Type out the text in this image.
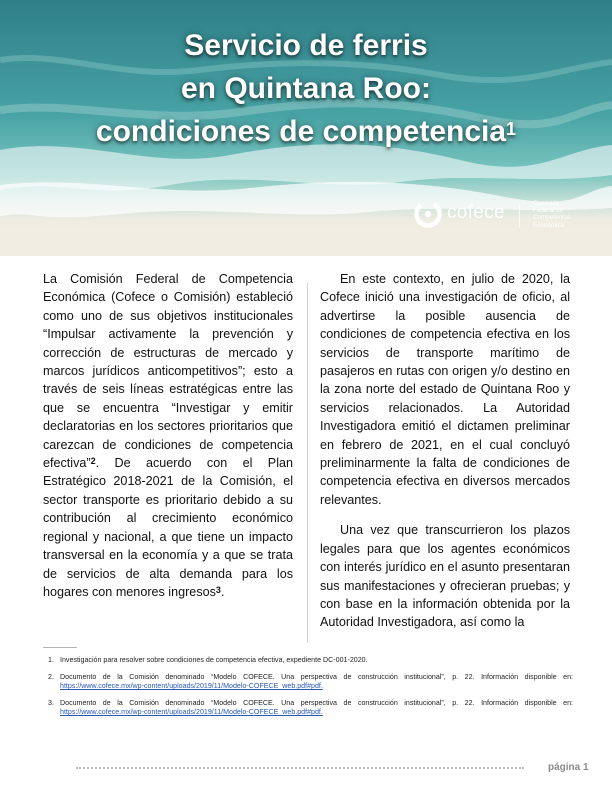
Servicio de ferris
en Quintana Roo:
condiciones de competencia$^1$
cofece	Comisión
Federal de
Competencia
Económica

La Comisión Federal de Competencia Económica (Cofece o Comisión) estableció como uno de sus objetivos institucionales “Impulsar activamente la prevención y corrección de estructuras de mercado y marcos jurídicos anticompetitivos”; esto a través de seis líneas estratégicas entre las que se encuentra “Investigar y emitir declaratorias en los sectores prioritarios que carezcan de condiciones de competencia efectiva”$^2$. De acuerdo con el Plan Estratégico 2018-2021 de la Comisión, el sector transporte es prioritario debido a su contribución al crecimiento económico regional y nacional, a que tiene un impacto transversal en la economía y a que se trata de servicios de alta demanda para los hogares con menores ingresos$^3$.

En este contexto, en julio de 2020, la Cofece inició una investigación de oficio, al advertirse la posible ausencia de condiciones de competencia efectiva en los servicios de transporte marítimo de pasajeros en rutas con origen y/o destino en la zona norte del estado de Quintana Roo y servicios relacionados. La Autoridad Investigadora emitió el dictamen preliminar en febrero de 2021, en el cual concluyó preliminarmente la falta de condiciones de competencia efectiva en diversos mercados relevantes.

Una vez que transcurrieron los plazos legales para que los agentes económicos con interés jurídico en el asunto presentaran sus manifestaciones y ofrecieran pruebas; y con base en la información obtenida por la Autoridad Investigadora, así como la

1. Investigación para resolver sobre condiciones de competencia efectiva, expediente DC-001-2020.
2. Documento de la Comisión denominado “Modelo COFECE. Una perspectiva de construcción institucional”, p. 22. Información disponible en: https://www.cofece.mx/wp-content/uploads/2019/11/Modelo-COFECE_web.pdf#pdf.
3. Documento de la Comisión denominado “Modelo COFECE. Una perspectiva de construcción institucional”, p. 22. Información disponible en: https://www.cofece.mx/wp-content/uploads/2019/11/Modelo-COFECE_web.pdf#pdf.
página 1
